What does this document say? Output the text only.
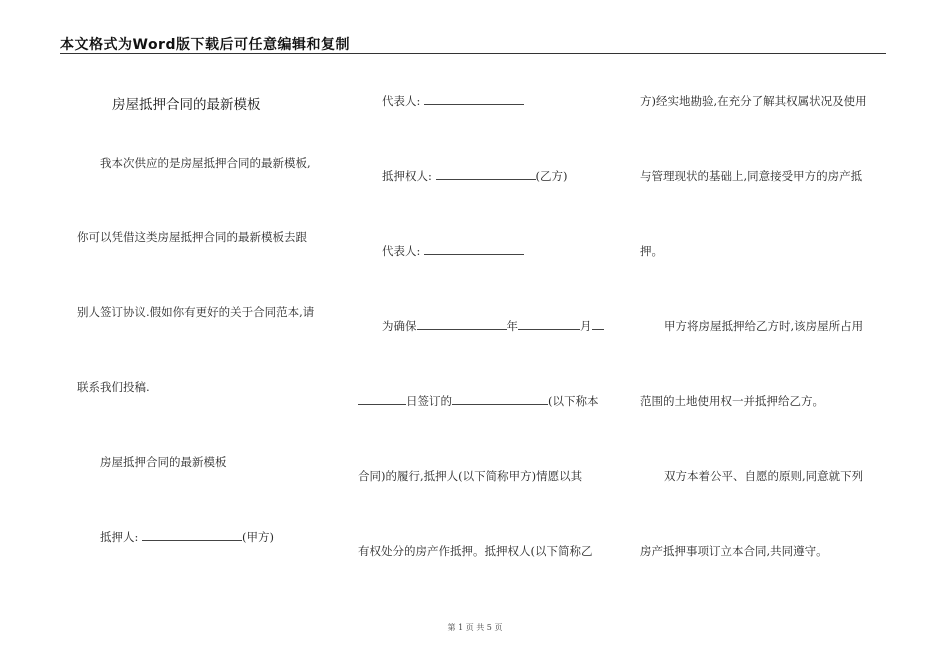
本文格式为Word版下载后可任意编辑和复制
房屋抵押合同的最新模板
我本次供应的是房屋抵押合同的最新模板,
你可以凭借这类房屋抵押合同的最新模板去跟
别人签订协议.假如你有更好的关于合同范本,请
联系我们投稿.
房屋抵押合同的最新模板
抵押人:	(甲方)
代表人:
抵押权人:	(乙方)
代表人:
为确保	年	月
日签订的	(以下称本
合同)的履行,抵押人(以下简称甲方)情愿以其
有权处分的房产作抵押。抵押权人(以下简称乙
方)经实地勘验,在充分了解其权属状况及使用
与管理现状的基础上,同意接受甲方的房产抵
押。
甲方将房屋抵押给乙方时,该房屋所占用
范围的土地使用权一并抵押给乙方。
双方本着公平、自愿的原则,同意就下列
房产抵押事项订立本合同,共同遵守。
第 1 页 共 5 页
